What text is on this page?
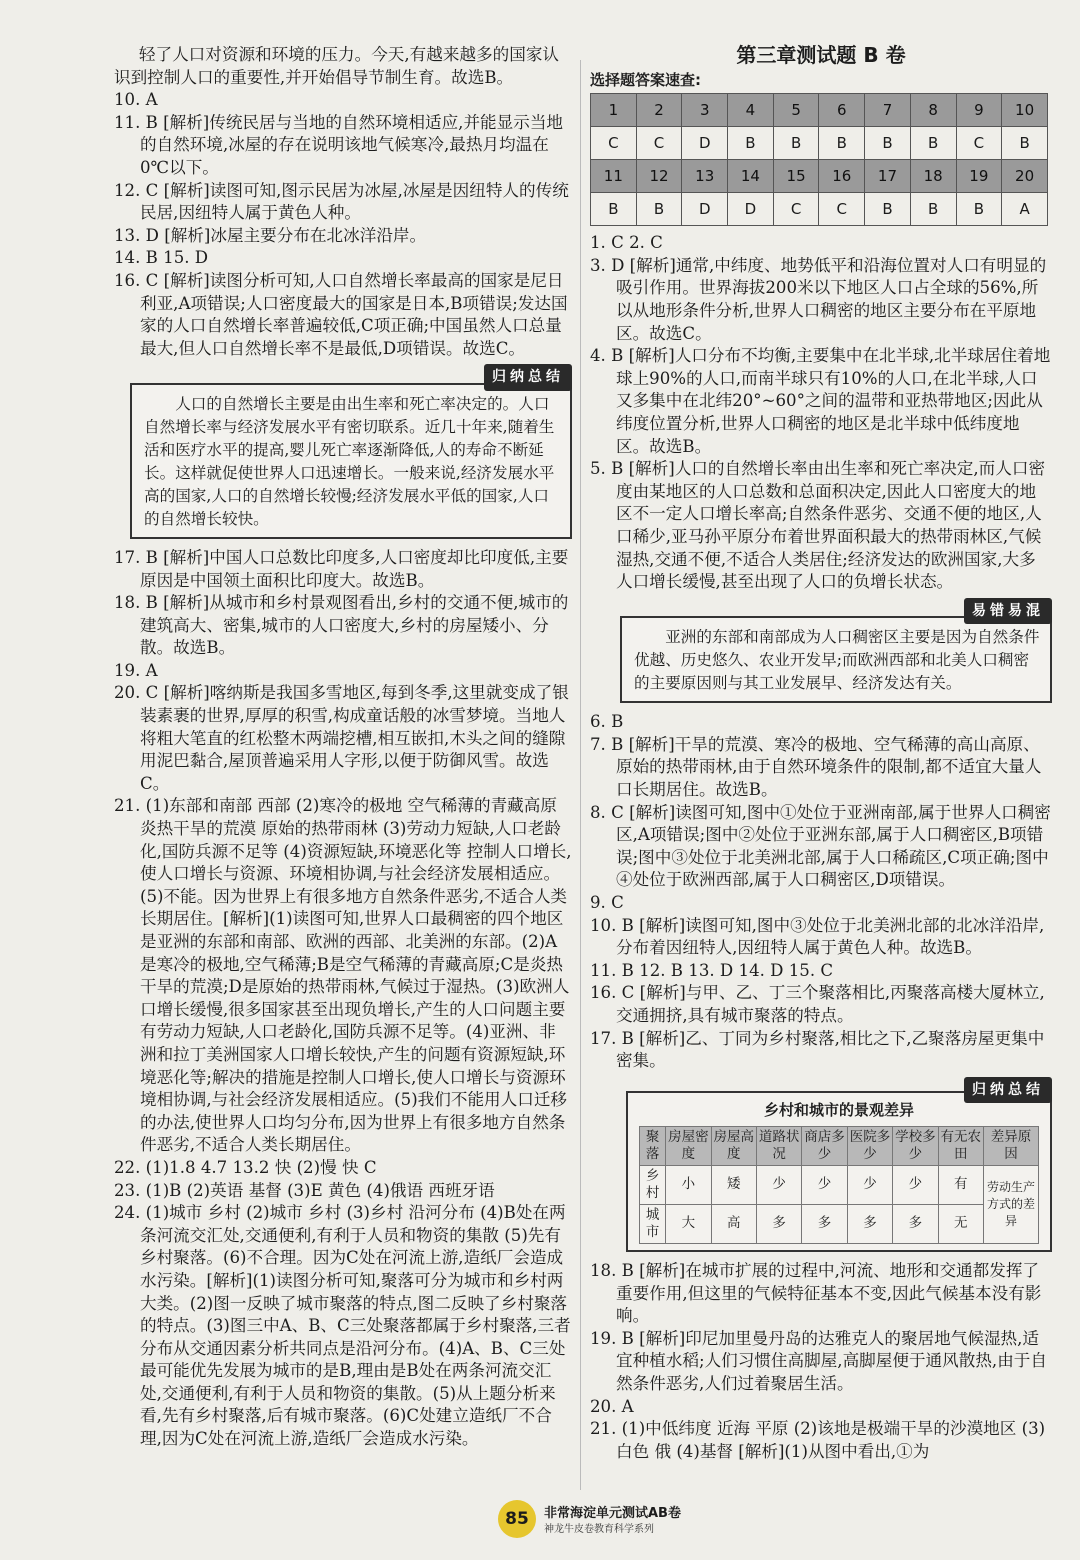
轻了人口对资源和环境的压力。今天,有越来越多的国家认识到控制人口的重要性,并开始倡导节制生育。故选B。

10. A

11. B [解析]传统民居与当地的自然环境相适应,并能显示当地的自然环境,冰屋的存在说明该地气候寒冷,最热月均温在0℃以下。

12. C [解析]读图可知,图示民居为冰屋,冰屋是因纽特人的传统民居,因纽特人属于黄色人种。

13. D [解析]冰屋主要分布在北冰洋沿岸。

14. B 15. D

16. C [解析]读图分析可知,人口自然增长率最高的国家是尼日利亚,A项错误;人口密度最大的国家是日本,B项错误;发达国家的人口自然增长率普遍较低,C项正确;中国虽然人口总量最大,但人口自然增长率不是最低,D项错误。故选C。

归纳总结
人口的自然增长主要是由出生率和死亡率决定的。人口自然增长率与经济发展水平有密切联系。近几十年来,随着生活和医疗水平的提高,婴儿死亡率逐渐降低,人的寿命不断延长。这样就促使世界人口迅速增长。一般来说,经济发展水平高的国家,人口的自然增长较慢;经济发展水平低的国家,人口的自然增长较快。

17. B [解析]中国人口总数比印度多,人口密度却比印度低,主要原因是中国领土面积比印度大。故选B。

18. B [解析]从城市和乡村景观图看出,乡村的交通不便,城市的建筑高大、密集,城市的人口密度大,乡村的房屋矮小、分散。故选B。

19. A

20. C [解析]喀纳斯是我国多雪地区,每到冬季,这里就变成了银装素裹的世界,厚厚的积雪,构成童话般的冰雪梦境。当地人将粗大笔直的红松整木两端挖槽,相互嵌扣,木头之间的缝隙用泥巴黏合,屋顶普遍采用人字形,以便于防御风雪。故选C。

21. (1)东部和南部 西部 (2)寒冷的极地 空气稀薄的青藏高原 炎热干旱的荒漠 原始的热带雨林 (3)劳动力短缺,人口老龄化,国防兵源不足等 (4)资源短缺,环境恶化等 控制人口增长,使人口增长与资源、环境相协调,与社会经济发展相适应。(5)不能。因为世界上有很多地方自然条件恶劣,不适合人类长期居住。[解析](1)读图可知,世界人口最稠密的四个地区是亚洲的东部和南部、欧洲的西部、北美洲的东部。(2)A是寒冷的极地,空气稀薄;B是空气稀薄的青藏高原;C是炎热干旱的荒漠;D是原始的热带雨林,气候过于湿热。(3)欧洲人口增长缓慢,很多国家甚至出现负增长,产生的人口问题主要有劳动力短缺,人口老龄化,国防兵源不足等。(4)亚洲、非洲和拉丁美洲国家人口增长较快,产生的问题有资源短缺,环境恶化等;解决的措施是控制人口增长,使人口增长与资源环境相协调,与社会经济发展相适应。(5)我们不能用人口迁移的办法,使世界人口均匀分布,因为世界上有很多地方自然条件恶劣,不适合人类长期居住。

22. (1)1.8 4.7 13.2 快 (2)慢 快 C

23. (1)B (2)英语 基督 (3)E 黄色 (4)俄语 西班牙语

24. (1)城市 乡村 (2)城市 乡村 (3)乡村 沿河分布 (4)B处在两条河流交汇处,交通便利,有利于人员和物资的集散 (5)先有乡村聚落。(6)不合理。因为C处在河流上游,造纸厂会造成水污染。[解析](1)读图分析可知,聚落可分为城市和乡村两大类。(2)图一反映了城市聚落的特点,图二反映了乡村聚落的特点。(3)图三中A、B、C三处聚落都属于乡村聚落,三者分布从交通因素分析共同点是沿河分布。(4)A、B、C三处最可能优先发展为城市的是B,理由是B处在两条河流交汇处,交通便利,有利于人员和物资的集散。(5)从上题分析来看,先有乡村聚落,后有城市聚落。(6)C处建立造纸厂不合理,因为C处在河流上游,造纸厂会造成水污染。

第三章测试题 B 卷

选择题答案速查:

1	2	3	4	5	6	7	8	9	10
C	C	D	B	B	B	B	B	C	B
11	12	13	14	15	16	17	18	19	20
B	B	D	D	C	C	B	B	B	A

1. C 2. C

3. D [解析]通常,中纬度、地势低平和沿海位置对人口有明显的吸引作用。世界海拔200米以下地区人口占全球的56%,所以从地形条件分析,世界人口稠密的地区主要分布在平原地区。故选C。

4. B [解析]人口分布不均衡,主要集中在北半球,北半球居住着地球上90%的人口,而南半球只有10%的人口,在北半球,人口又多集中在北纬20°~60°之间的温带和亚热带地区;因此从纬度位置分析,世界人口稠密的地区是北半球中低纬度地区。故选B。

5. B [解析]人口的自然增长率由出生率和死亡率决定,而人口密度由某地区的人口总数和总面积决定,因此人口密度大的地区不一定人口增长率高;自然条件恶劣、交通不便的地区,人口稀少,亚马孙平原分布着世界面积最大的热带雨林区,气候湿热,交通不便,不适合人类居住;经济发达的欧洲国家,大多人口增长缓慢,甚至出现了人口的负增长状态。

易错易混
亚洲的东部和南部成为人口稠密区主要是因为自然条件优越、历史悠久、农业开发早;而欧洲西部和北美人口稠密的主要原因则与其工业发展早、经济发达有关。

6. B

7. B [解析]干旱的荒漠、寒冷的极地、空气稀薄的高山高原、原始的热带雨林,由于自然环境条件的限制,都不适宜大量人口长期居住。故选B。

8. C [解析]读图可知,图中①处位于亚洲南部,属于世界人口稠密区,A项错误;图中②处位于亚洲东部,属于人口稠密区,B项错误;图中③处位于北美洲北部,属于人口稀疏区,C项正确;图中④处位于欧洲西部,属于人口稠密区,D项错误。

9. C

10. B [解析]读图可知,图中③处位于北美洲北部的北冰洋沿岸,分布着因纽特人,因纽特人属于黄色人种。故选B。

11. B 12. B 13. D 14. D 15. C

16. C [解析]与甲、乙、丁三个聚落相比,丙聚落高楼大厦林立,交通拥挤,具有城市聚落的特点。

17. B [解析]乙、丁同为乡村聚落,相比之下,乙聚落房屋更集中密集。

归纳总结
乡村和城市的景观差异
聚落	房屋密度	房屋高度	道路状况	商店多少	医院多少	学校多少	有无农田	差异原因
乡村	小	矮	少	少	少	少	有	劳动生产方式的差异
城市	大	高	多	多	多	多	无	

18. B [解析]在城市扩展的过程中,河流、地形和交通都发挥了重要作用,但这里的气候特征基本不变,因此气候基本没有影响。

19. B [解析]印尼加里曼丹岛的达雅克人的聚居地气候湿热,适宜种植水稻;人们习惯住高脚屋,高脚屋便于通风散热,由于自然条件恶劣,人们过着聚居生活。

20. A

21. (1)中低纬度 近海 平原 (2)该地是极端干旱的沙漠地区 (3)白色 俄 (4)基督 [解析](1)从图中看出,①为

85	非常海淀单元测试AB卷
神龙牛皮卷教育科学系列
